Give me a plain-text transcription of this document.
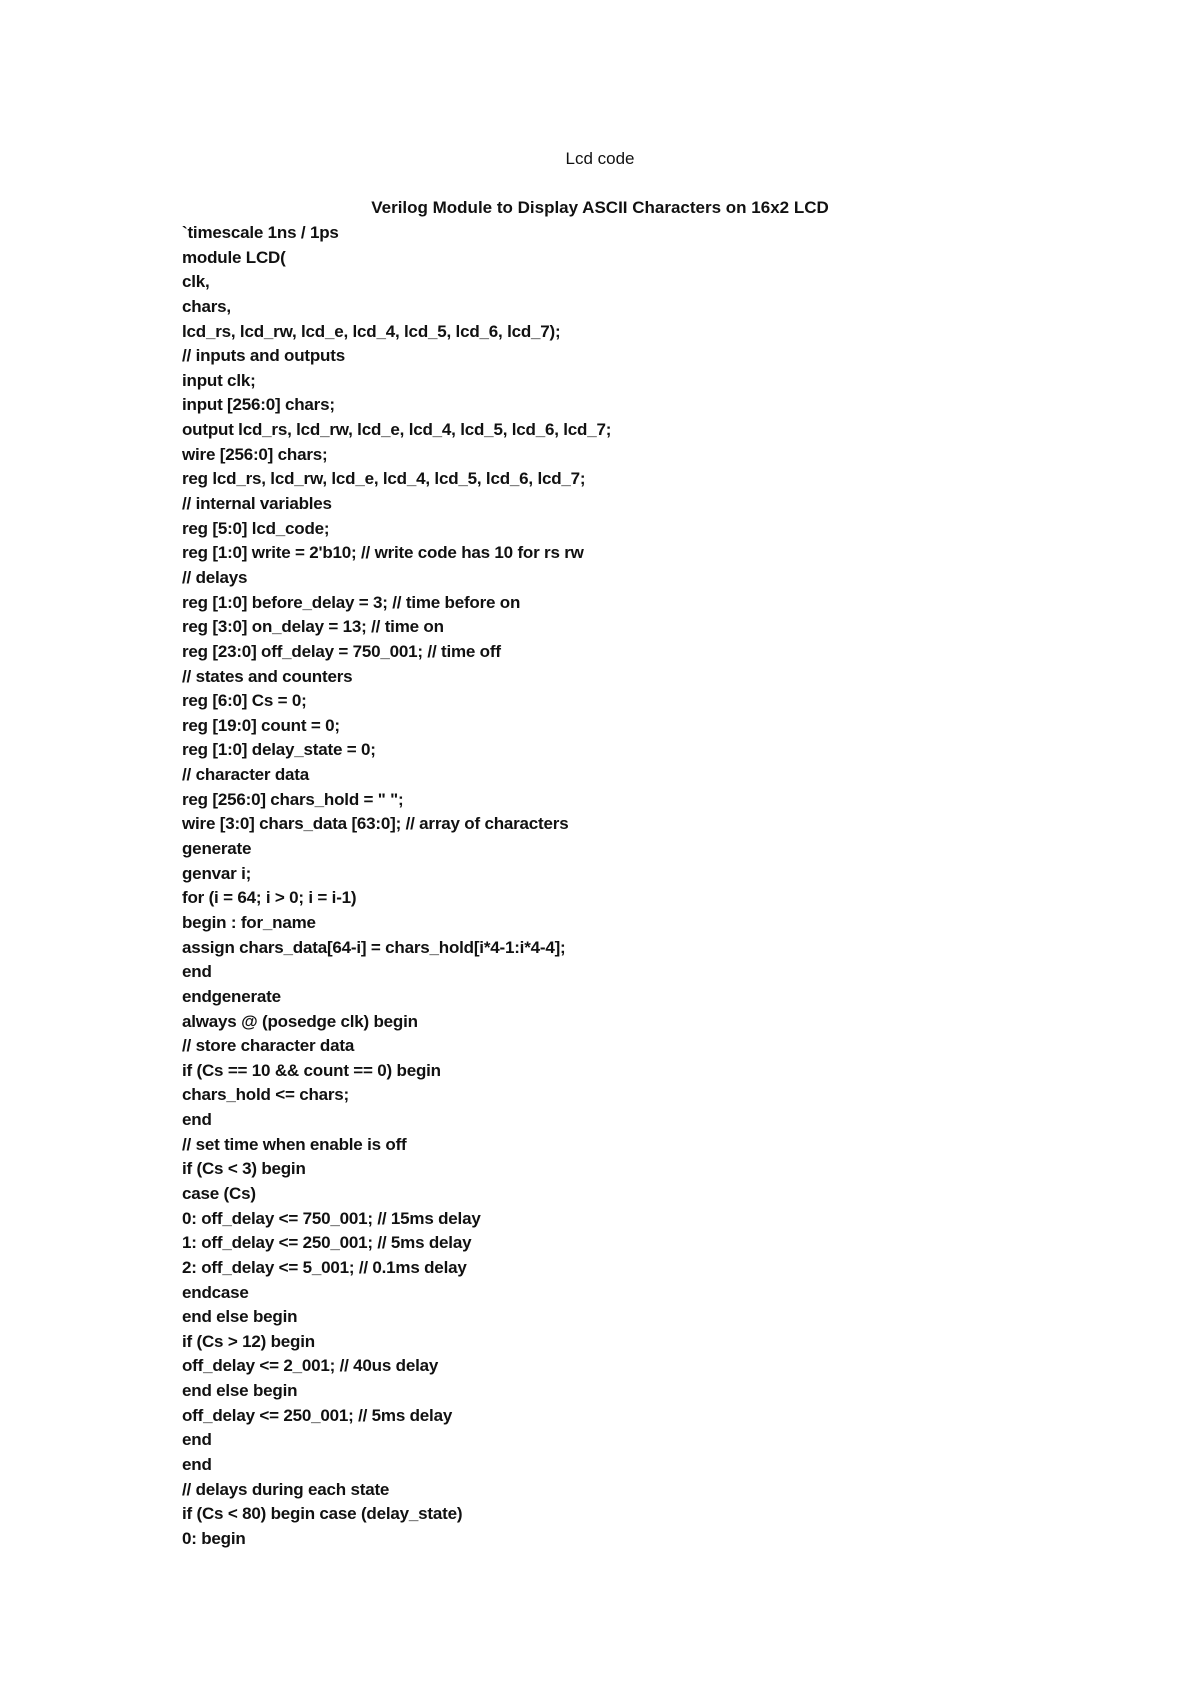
Lcd code
Verilog Module to Display ASCII Characters on 16x2 LCD
`timescale 1ns / 1ps
module LCD(
clk,
chars,
lcd_rs, lcd_rw, lcd_e, lcd_4, lcd_5, lcd_6, lcd_7);
// inputs and outputs
input clk;
input [256:0] chars;
output lcd_rs, lcd_rw, lcd_e, lcd_4, lcd_5, lcd_6, lcd_7;
wire [256:0] chars;
reg lcd_rs, lcd_rw, lcd_e, lcd_4, lcd_5, lcd_6, lcd_7;
// internal variables
reg [5:0] lcd_code;
reg [1:0] write = 2'b10; // write code has 10 for rs rw
// delays
reg [1:0] before_delay = 3; // time before on
reg [3:0] on_delay = 13; // time on
reg [23:0] off_delay = 750_001; // time off
// states and counters
reg [6:0] Cs = 0;
reg [19:0] count = 0;
reg [1:0] delay_state = 0;
// character data
reg [256:0] chars_hold = " ";
wire [3:0] chars_data [63:0]; // array of characters
generate
genvar i;
for (i = 64; i > 0; i = i-1)
begin : for_name
assign chars_data[64-i] = chars_hold[i*4-1:i*4-4];
end
endgenerate
always @ (posedge clk) begin
// store character data
if (Cs == 10 && count == 0) begin
chars_hold <= chars;
end
// set time when enable is off
if (Cs < 3) begin
case (Cs)
0: off_delay <= 750_001; // 15ms delay
1: off_delay <= 250_001; // 5ms delay
2: off_delay <= 5_001; // 0.1ms delay
endcase
end else begin
if (Cs > 12) begin
off_delay <= 2_001; // 40us delay
end else begin
off_delay <= 250_001; // 5ms delay
end
end
// delays during each state
if (Cs < 80) begin case (delay_state)
0: begin
